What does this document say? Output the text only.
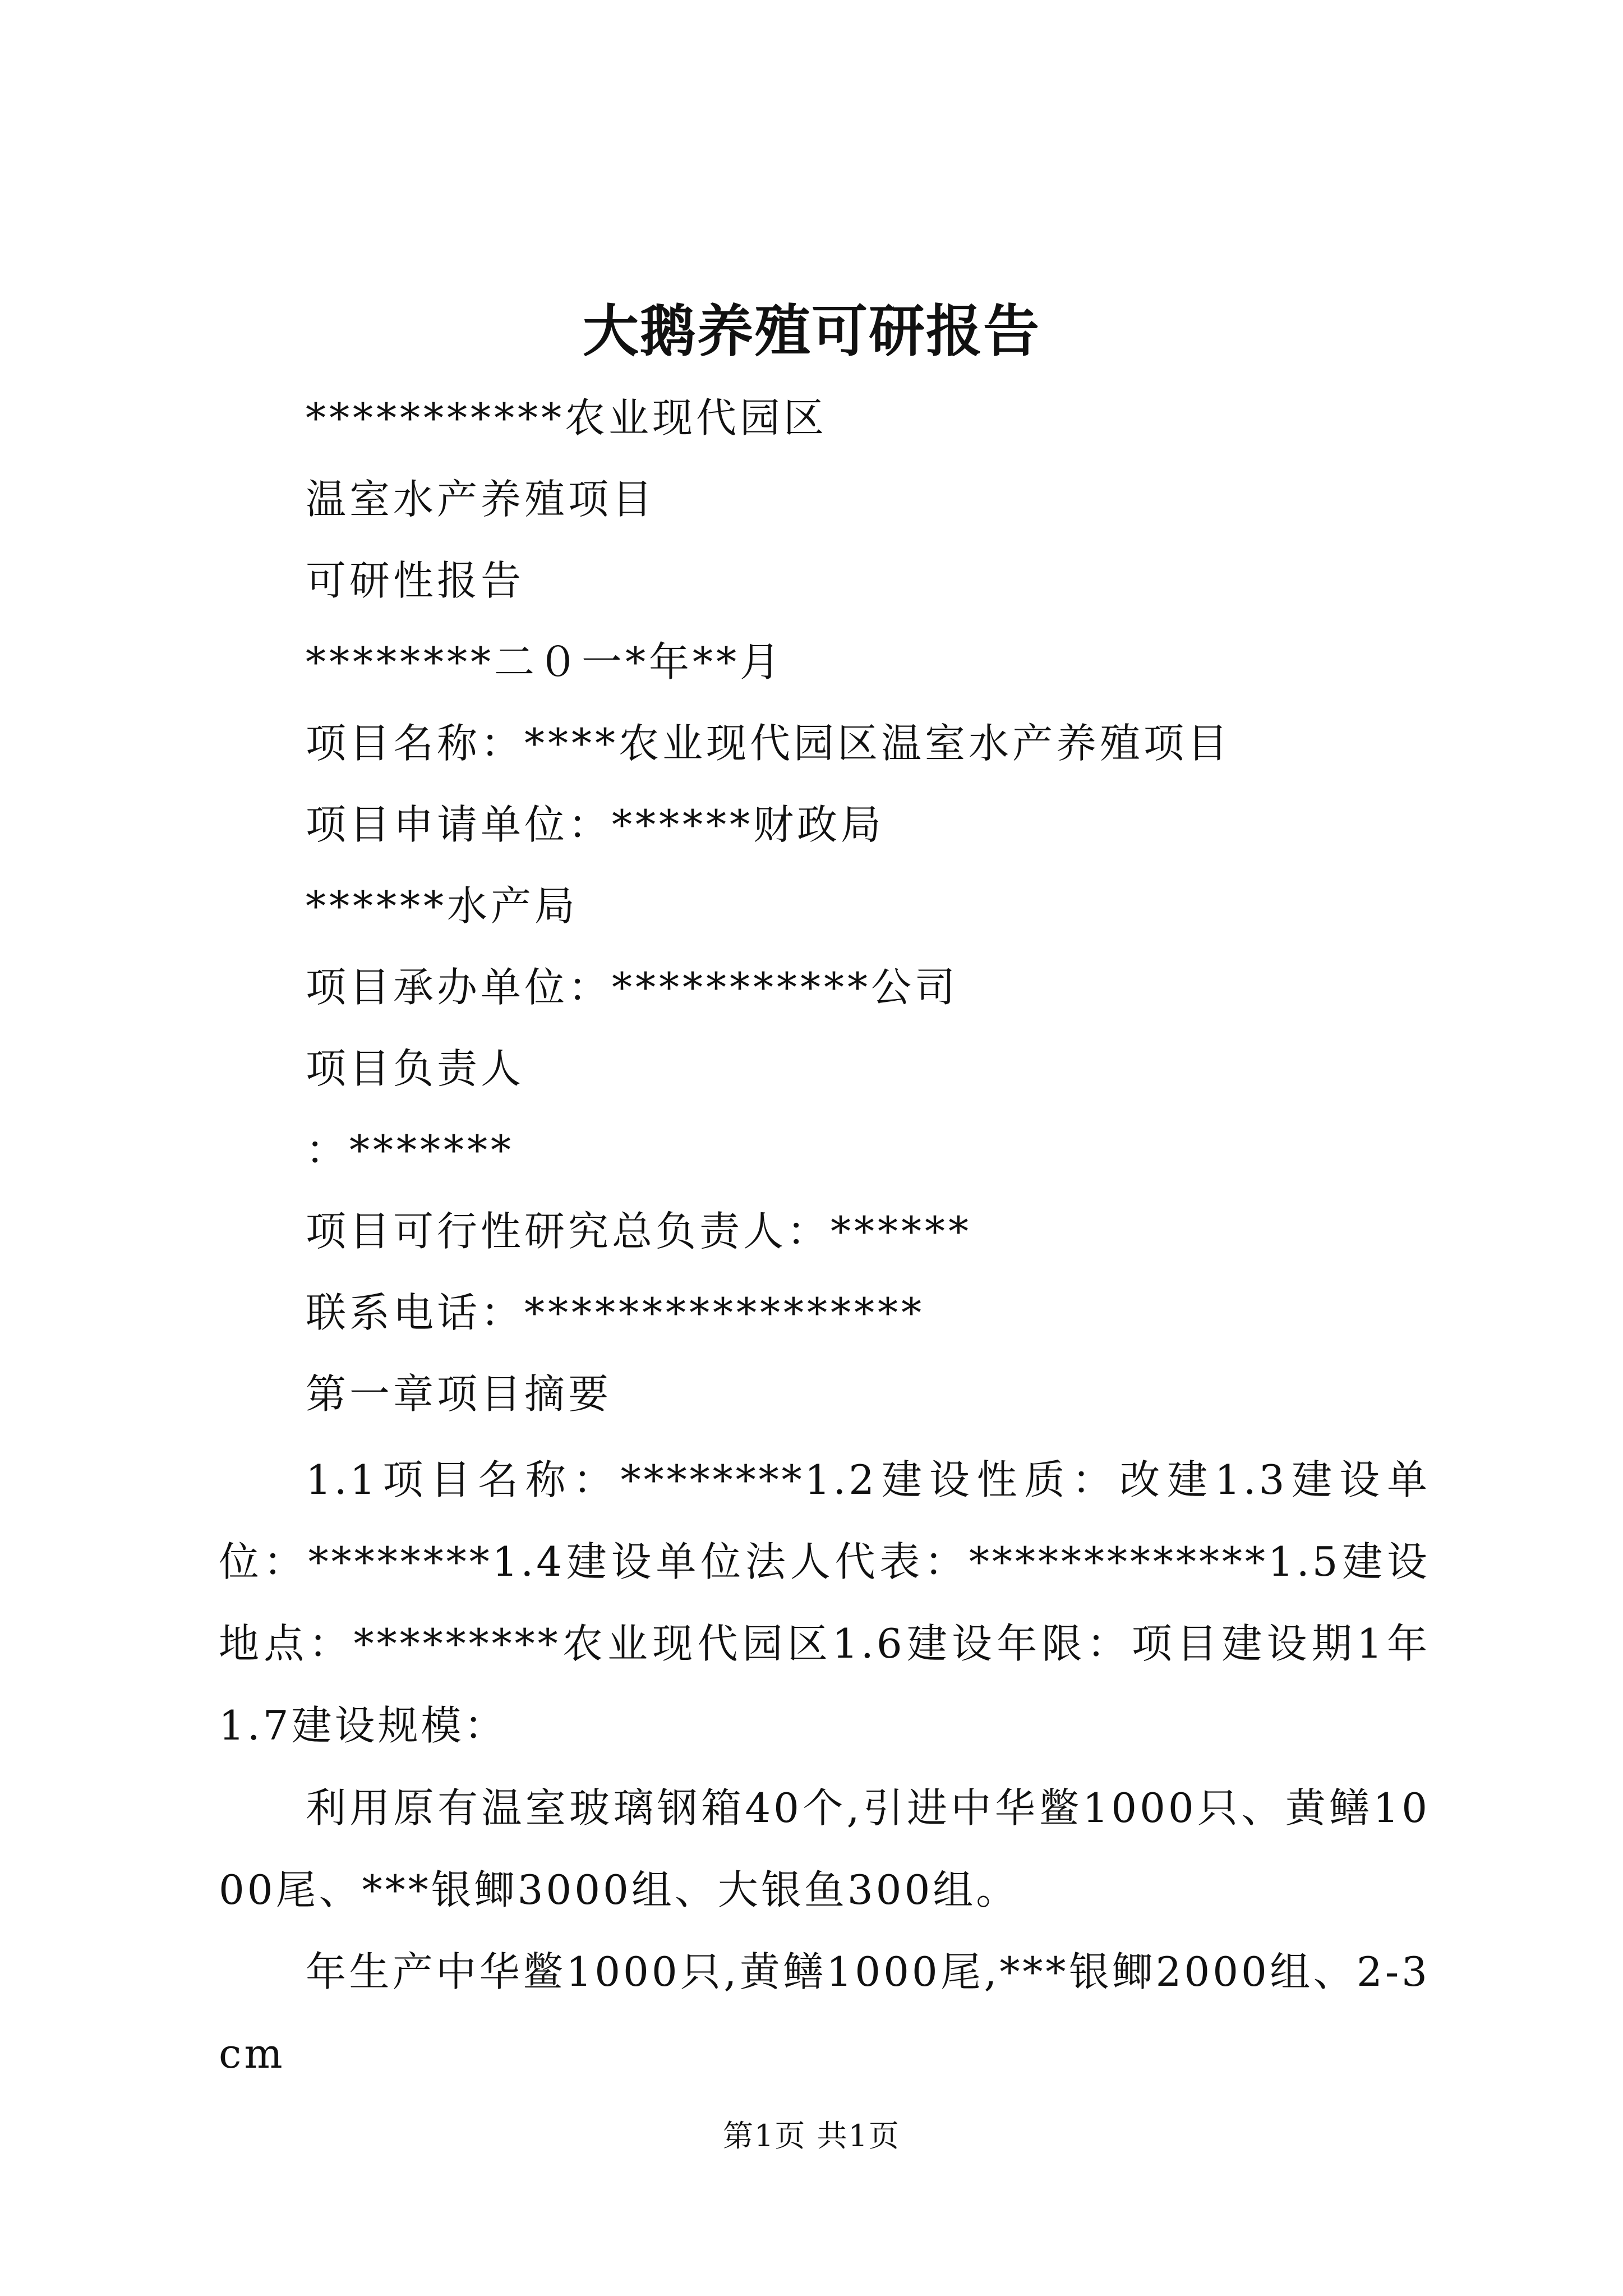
大鹅养殖可研报告
***********农业现代园区
温室水产养殖项目
可研性报告
********二０一*年**月
项目名称：****农业现代园区温室水产养殖项目
项目申请单位：******财政局
******水产局
项目承办单位：***********公司
项目负责人
：*******
项目可行性研究总负责人：******
联系电话：*****************
第一章项目摘要
1.1项目名称：********1.2建设性质：改建1.3建设单位：********1.4建设单位法人代表：*************1.5建设地点：*********农业现代园区1.6建设年限：项目建设期1年1.7建设规模：
利用原有温室玻璃钢箱40个,引进中华鳖1000只、黄鳝1000尾、***银鲫3000组、大银鱼300组。
年生产中华鳖1000只,黄鳝1000尾,***银鲫2000组、2-3cm
第1页 共1页
